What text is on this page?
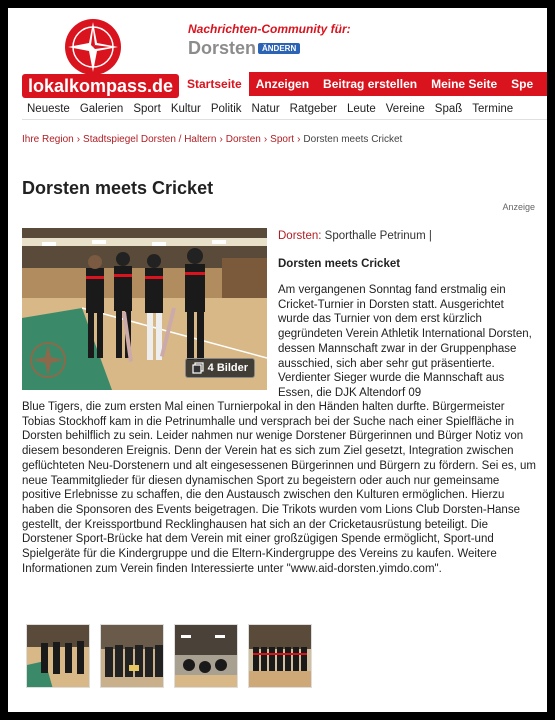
lokalkompass.de
Nachrichten-Community für:
Dorsten ÄNDERN
Startseite	Anzeigen	Beitrag erstellen	Meine Seite	Spe
Neueste Galerien Sport Kultur Politik Natur Ratgeber Leute Vereine Spaß Termine
Ihre Region › Stadtspiegel Dorsten / Haltern › Dorsten › Sport › Dorsten meets Cricket
Dorsten meets Cricket
Anzeige
4 Bilder
Dorsten: Sporthalle Petrinum |
Dorsten meets Cricket
Am vergangenen Sonntag fand erstmalig ein Cricket-Turnier in Dorsten statt. Ausgerichtet wurde das Turnier von dem erst kürzlich gegründeten Verein Athletik International Dorsten, dessen Mannschaft zwar in der Gruppenphase ausschied, sich aber sehr gut präsentierte. Verdienter Sieger wurde die Mannschaft aus Essen, die DJK Altendorf 09
Blue Tigers, die zum ersten Mal einen Turnierpokal in den Händen halten durfte. Bürgermeister Tobias Stockhoff kam in die Petrinumhalle und versprach bei der Suche nach einer Spielfläche in Dorsten behilflich zu sein. Leider nahmen nur wenige Dorstener Bürgerinnen und Bürger Notiz von diesem besonderen Ereignis. Denn der Verein hat es sich zum Ziel gesetzt, Integration zwischen geflüchteten Neu-Dorstenern und alt eingesessenen Bürgerinnen und Bürgern zu fördern. Sei es, um neue Teammitglieder für diesen dynamischen Sport zu begeistern oder auch nur gemeinsame positive Erlebnisse zu schaffen, die den Austausch zwischen den Kulturen ermöglichen. Hierzu haben die Sponsoren des Events beigetragen. Die Trikots wurden vom Lions Club Dorsten-Hanse gestellt, der Kreissportbund Recklinghausen hat sich an der Cricketausrüstung beteiligt. Die Dorstener Sport-Brücke hat dem Verein mit einer großzügigen Spende ermöglicht, Sport-und Spielgeräte für die Kindergruppe und die Eltern-Kindergruppe des Vereins zu kaufen. Weitere Informationen zum Verein finden Interessierte unter "www.aid-dorsten.yimdo.com".
